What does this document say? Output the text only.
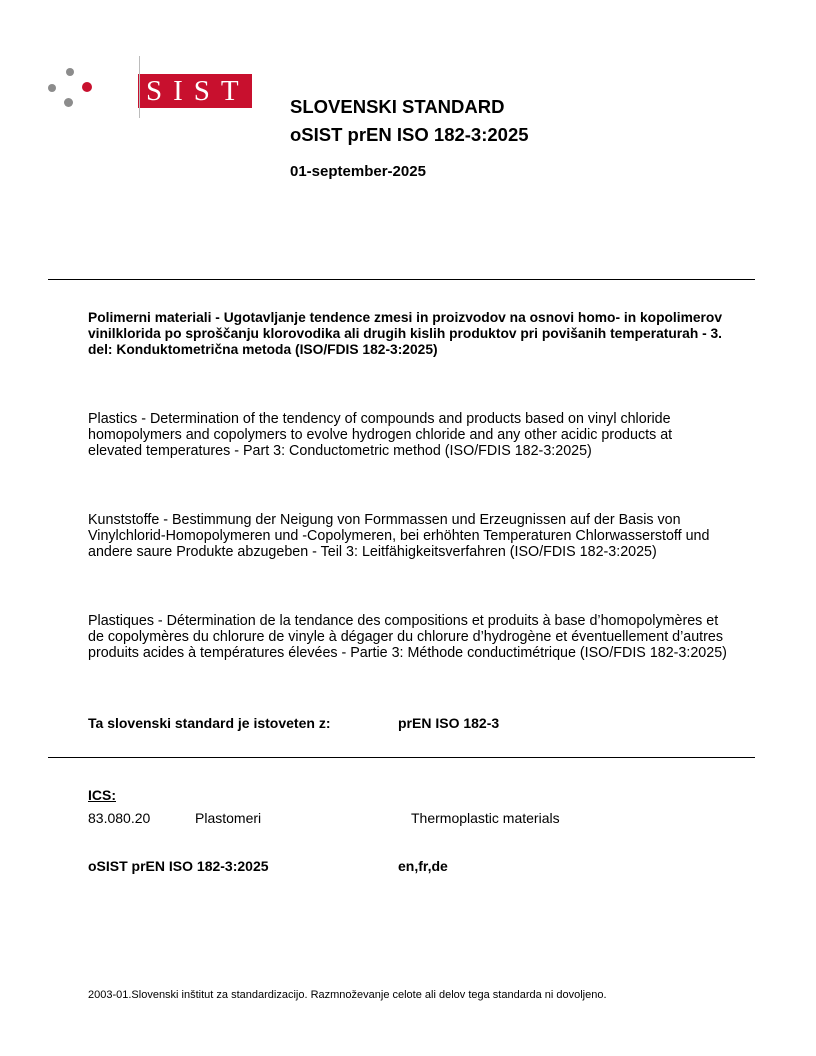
SIST SLOVENSKI STANDARD
oSIST prEN ISO 182-3:2025
01-september-2025
Polimerni materiali - Ugotavljanje tendence zmesi in proizvodov na osnovi homo- in kopolimerov vinilklorida po sproščanju klorovodika ali drugih kislih produktov pri povišanih temperaturah - 3. del: Konduktometrična metoda (ISO/FDIS 182-3:2025)
Plastics - Determination of the tendency of compounds and products based on vinyl chloride homopolymers and copolymers to evolve hydrogen chloride and any other acidic products at elevated temperatures - Part 3: Conductometric method (ISO/FDIS 182-3:2025)
Kunststoffe - Bestimmung der Neigung von Formmassen und Erzeugnissen auf der Basis von Vinylchlorid-Homopolymeren und -Copolymeren, bei erhöhten Temperaturen Chlorwasserstoff und andere saure Produkte abzugeben - Teil 3: Leitfähigkeitsverfahren (ISO/FDIS 182-3:2025)
Plastiques - Détermination de la tendance des compositions et produits à base d’homopolymères et de copolymères du chlorure de vinyle à dégager du chlorure d’hydrogène et éventuellement d’autres produits acides à températures élevées - Partie 3: Méthode conductimétrique (ISO/FDIS 182-3:2025)
Ta slovenski standard je istoveten z:	prEN ISO 182-3
ICS:
83.080.20	Plastomeri	Thermoplastic materials
oSIST prEN ISO 182-3:2025	en,fr,de
2003-01.Slovenski inštitut za standardizacijo. Razmnoževanje celote ali delov tega standarda ni dovoljeno.
